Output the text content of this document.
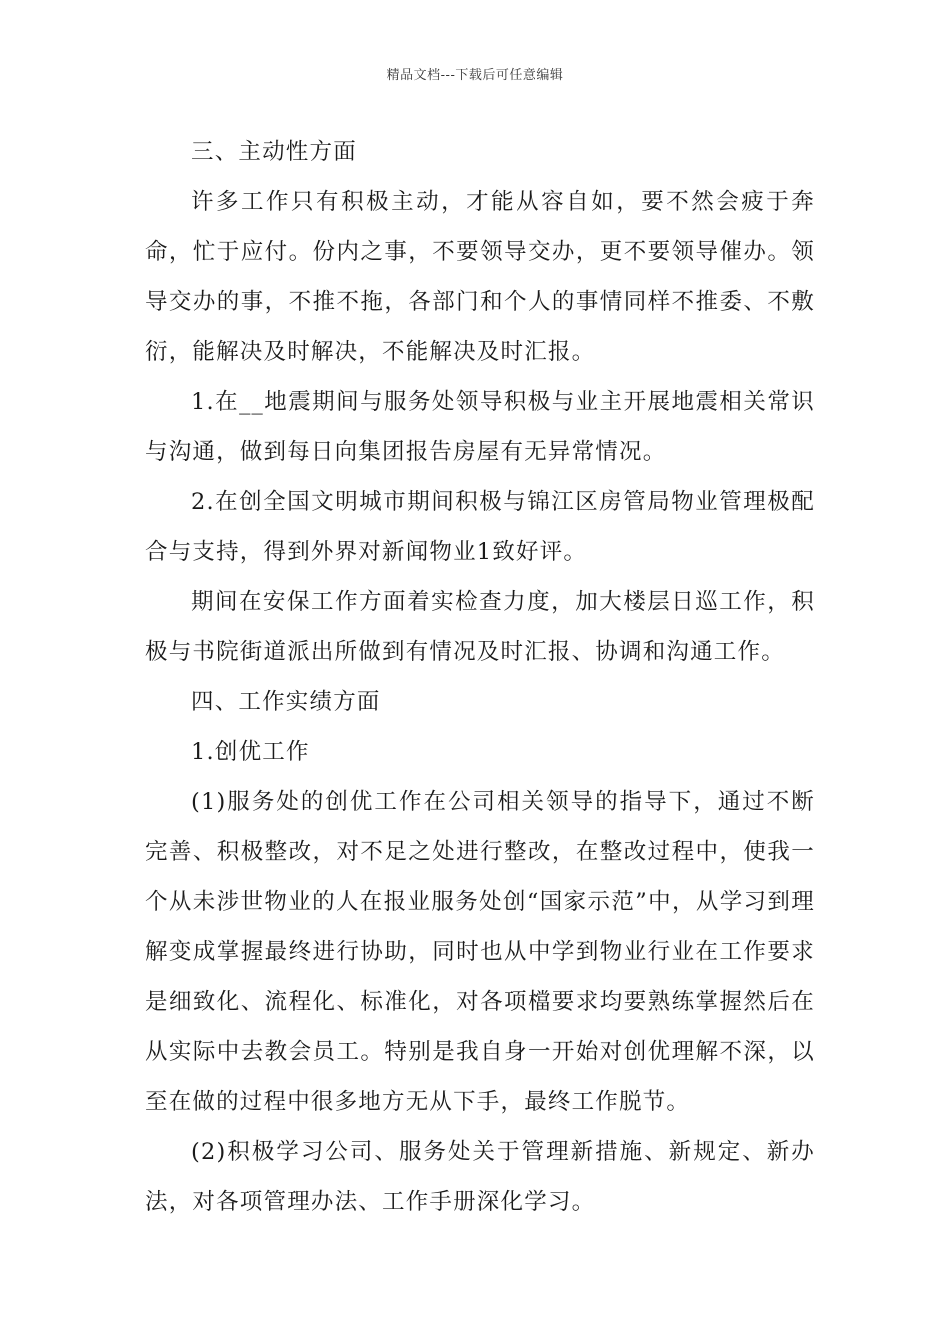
精品文档---下载后可任意编辑

三、主动性方面

许多工作只有积极主动，才能从容自如，要不然会疲于奔命，忙于应付。份内之事，不要领导交办，更不要领导催办。领导交办的事，不推不拖，各部门和个人的事情同样不推委、不敷衍，能解决及时解决，不能解决及时汇报。

1.在__地震期间与服务处领导积极与业主开展地震相关常识与沟通，做到每日向集团报告房屋有无异常情况。

2.在创全国文明城市期间积极与锦江区房管局物业管理极配合与支持，得到外界对新闻物业1致好评。

期间在安保工作方面着实检查力度，加大楼层日巡工作，积极与书院街道派出所做到有情况及时汇报、协调和沟通工作。

四、工作实绩方面

1.创优工作

(1)服务处的创优工作在公司相关领导的指导下，通过不断完善、积极整改，对不足之处进行整改，在整改过程中，使我一个从未涉世物业的人在报业服务处创“国家示范”中，从学习到理解变成掌握最终进行协助，同时也从中学到物业行业在工作要求是细致化、流程化、标准化，对各项檔要求均要熟练掌握然后在从实际中去教会员工。特别是我自身一开始对创优理解不深，以至在做的过程中很多地方无从下手，最终工作脱节。

(2)积极学习公司、服务处关于管理新措施、新规定、新办法，对各项管理办法、工作手册深化学习。
